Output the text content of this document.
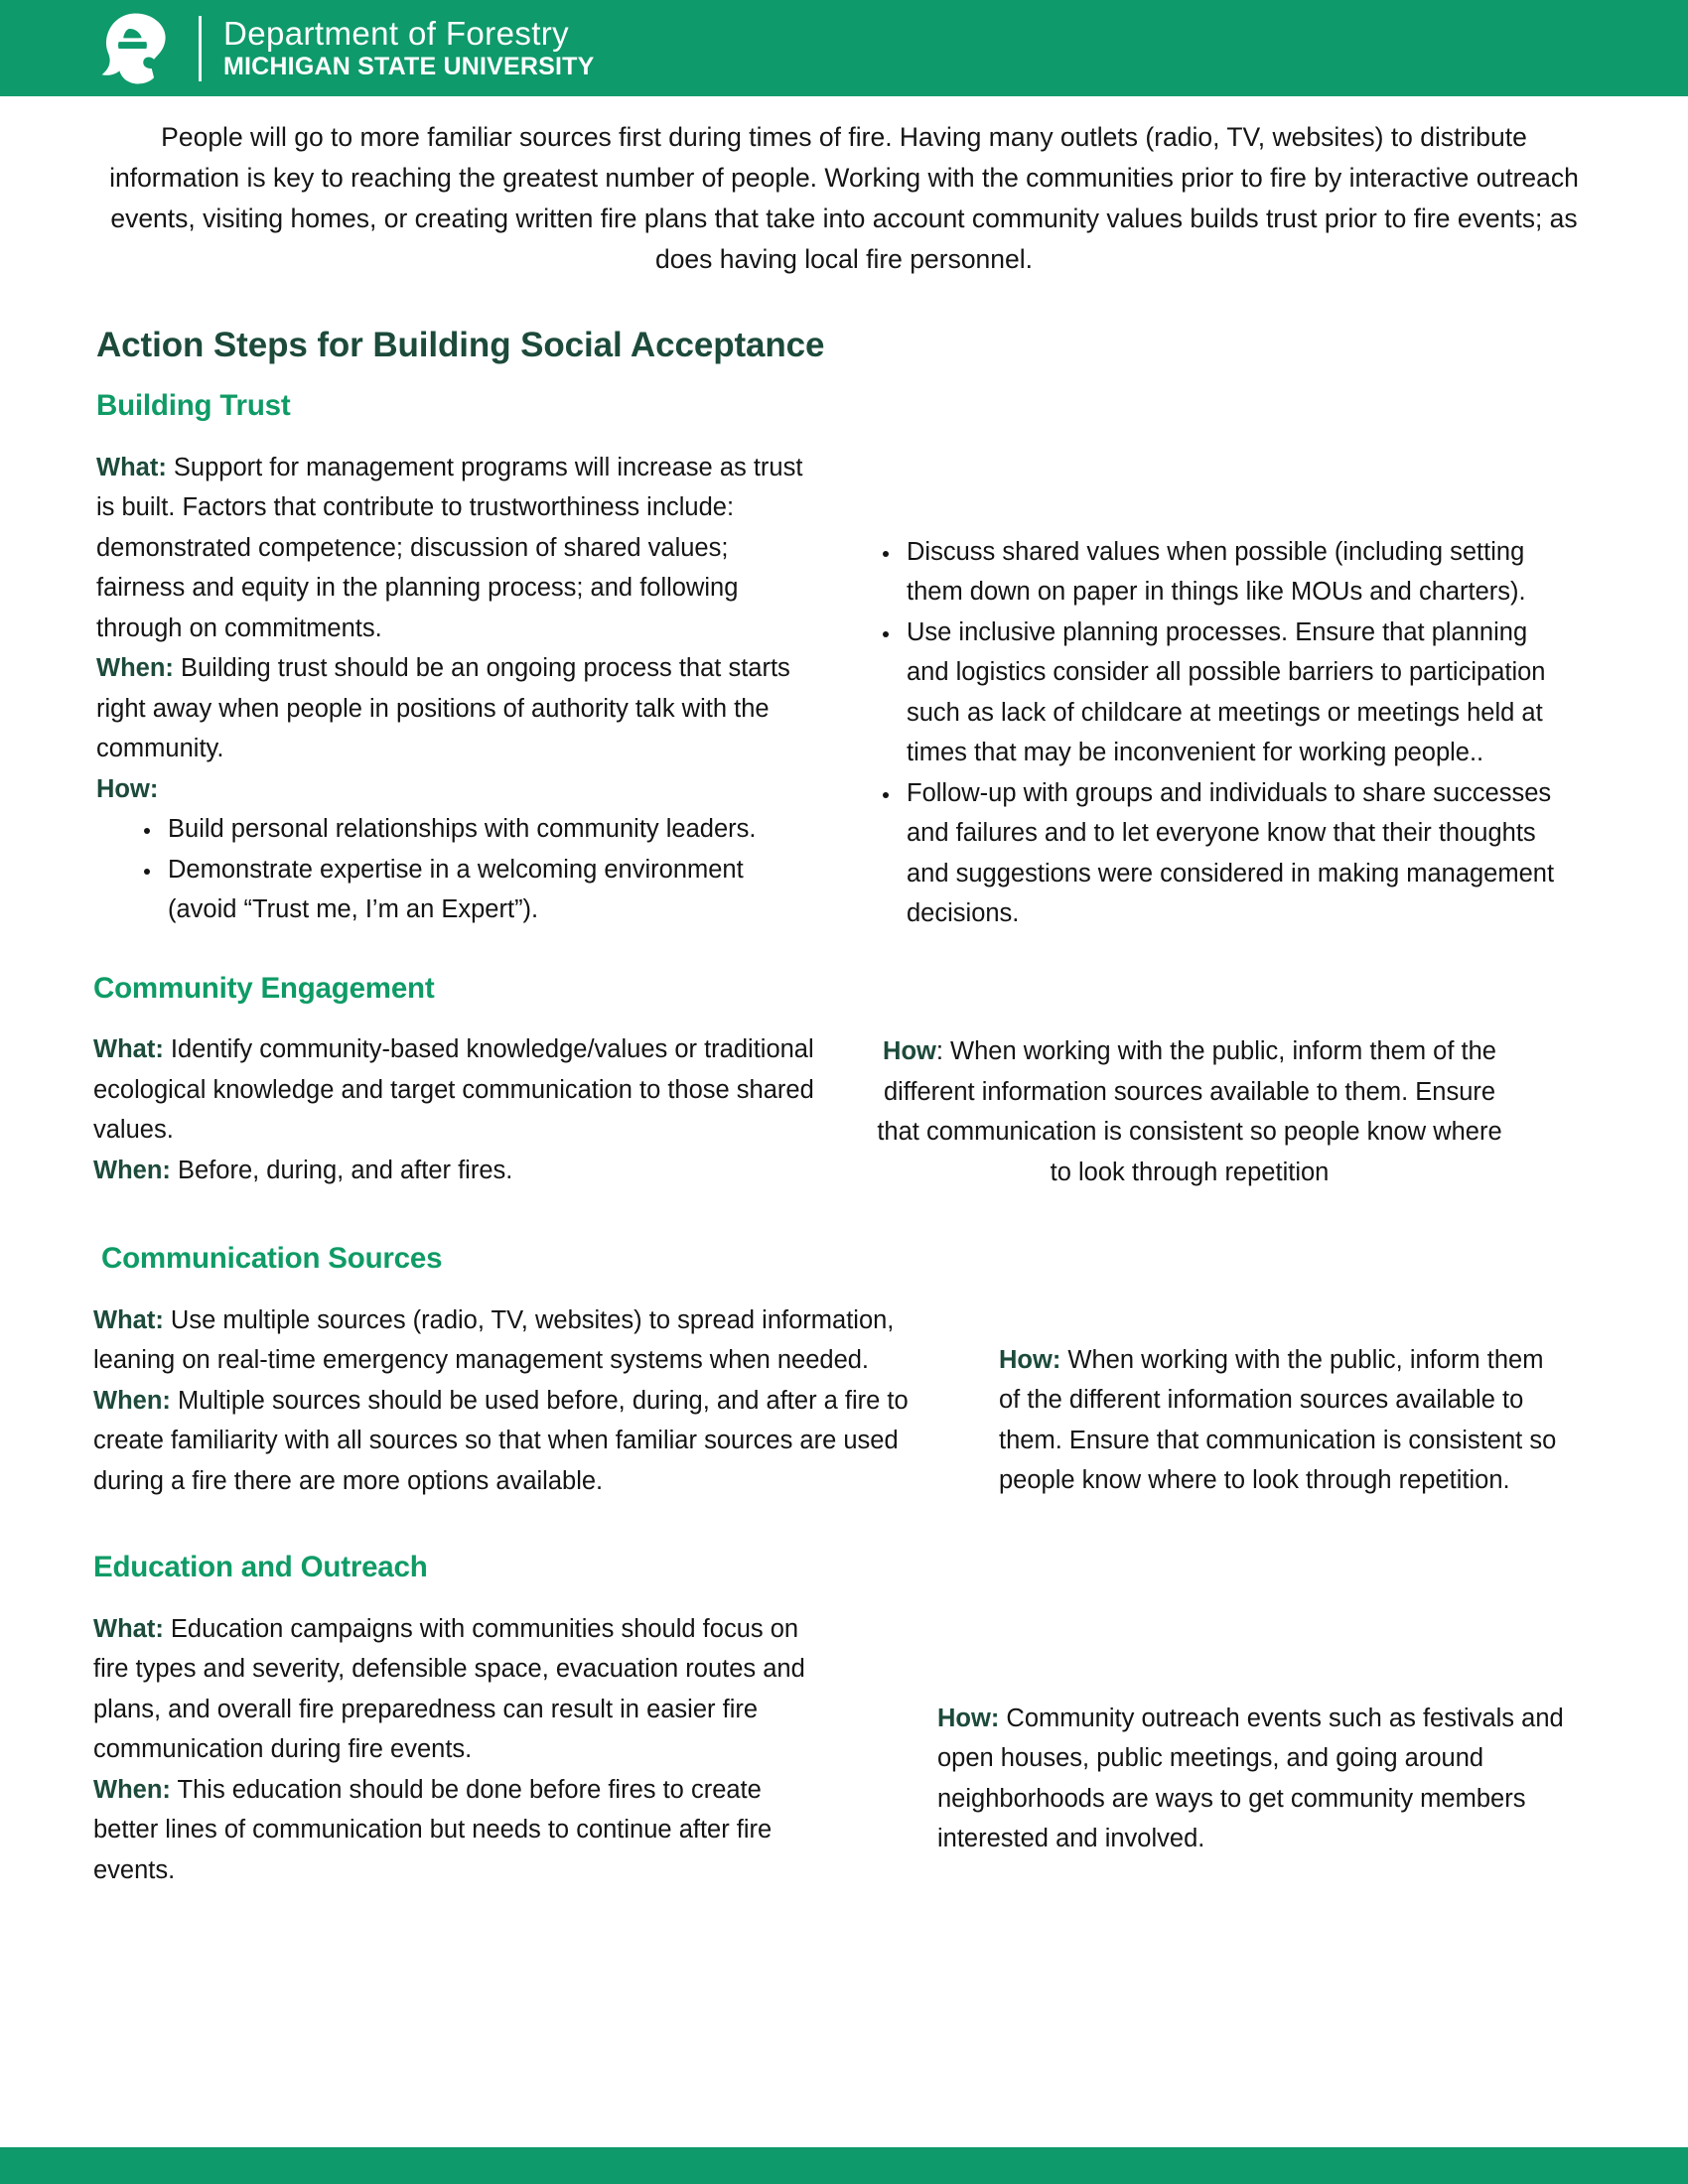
Department of Forestry
MICHIGAN STATE UNIVERSITY

People will go to more familiar sources first during times of fire. Having many outlets (radio, TV, websites) to distribute information is key to reaching the greatest number of people. Working with the communities prior to fire by interactive outreach events, visiting homes, or creating written fire plans that take into account community values builds trust prior to fire events; as does having local fire personnel.

Action Steps for Building Social Acceptance
Building Trust

What: Support for management programs will increase as trust is built. Factors that contribute to trustworthiness include: demonstrated competence; discussion of shared values; fairness and equity in the planning process; and following through on commitments.

When: Building trust should be an ongoing process that starts right away when people in positions of authority talk with the community.

How:

Build personal relationships with community leaders.
Demonstrate expertise in a welcoming environment (avoid “Trust me, I’m an Expert”).
Discuss shared values when possible (including setting them down on paper in things like MOUs and charters).
Use inclusive planning processes. Ensure that planning and logistics consider all possible barriers to participation such as lack of childcare at meetings or meetings held at times that may be inconvenient for working people..
Follow-up with groups and individuals to share successes and failures and to let everyone know that their thoughts and suggestions were considered in making management decisions.
Community Engagement

What: Identify community-based knowledge/values or traditional ecological knowledge and target communication to those shared values.

When: Before, during, and after fires.

How: When working with the public, inform them of the different information sources available to them. Ensure that communication is consistent so people know where to look through repetition

Communication Sources

What: Use multiple sources (radio, TV, websites) to spread information, leaning on real-time emergency management systems when needed.

When: Multiple sources should be used before, during, and after a fire to create familiarity with all sources so that when familiar sources are used during a fire there are more options available.

How: When working with the public, inform them of the different information sources available to them. Ensure that communication is consistent so people know where to look through repetition.

Education and Outreach

What: Education campaigns with communities should focus on fire types and severity, defensible space, evacuation routes and plans, and overall fire preparedness can result in easier fire communication during fire events.

When: This education should be done before fires to create better lines of communication but needs to continue after fire events.

How: Community outreach events such as festivals and open houses, public meetings, and going around neighborhoods are ways to get community members interested and involved.
